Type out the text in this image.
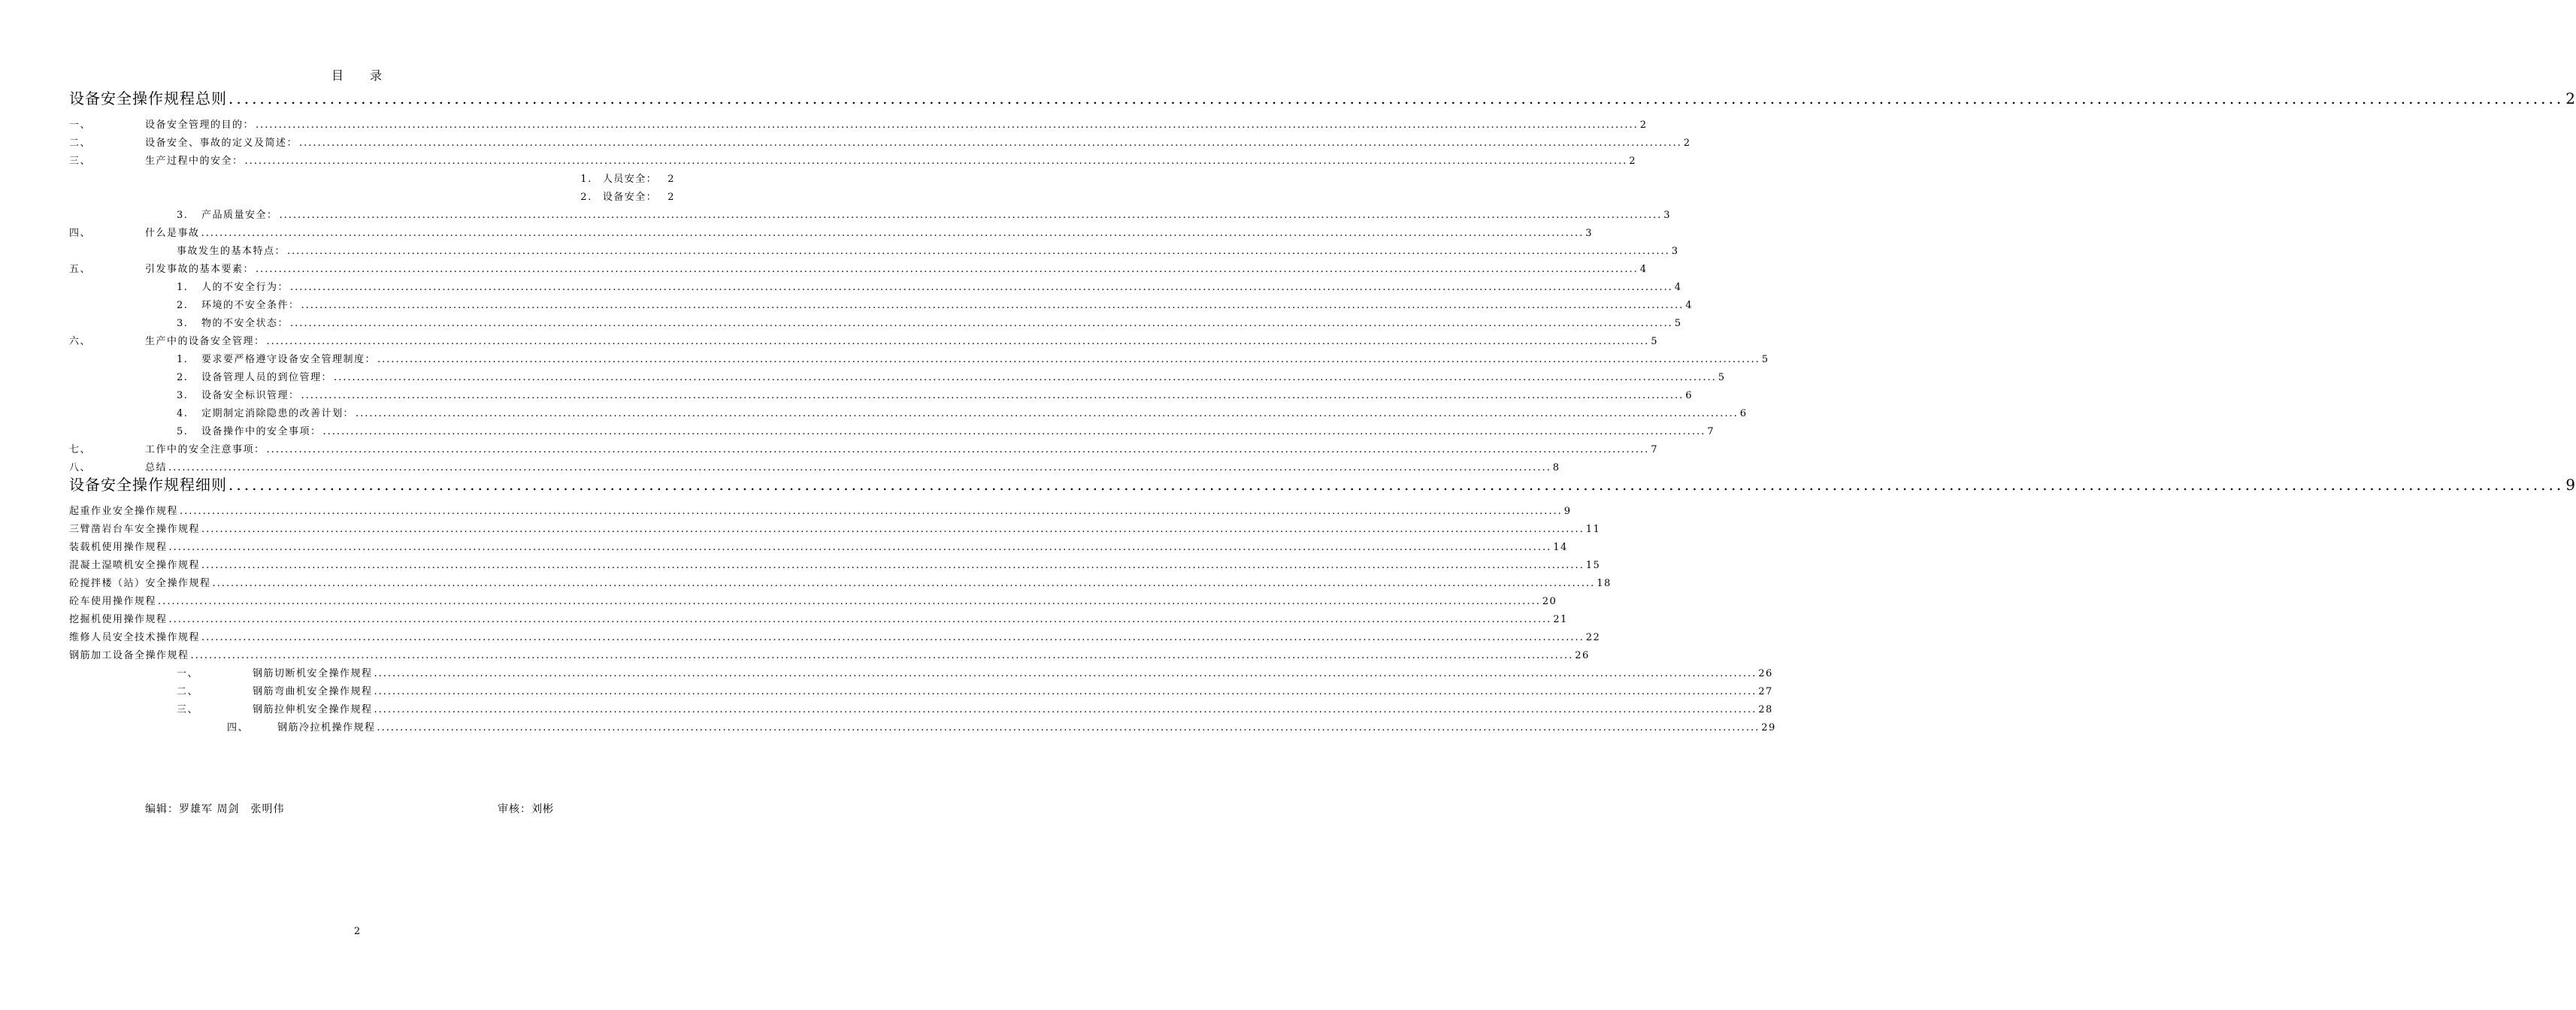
目　　录
设备安全操作规程总则 ............................................................................................................................................................................................................................................................................................................ 2
一、	设备安全管理的目的： ............................................................................................................................................................................................................................................................................................................ 2
二、	设备安全、事故的定义及简述： ............................................................................................................................................................................................................................................................................................................ 2
三、	生产过程中的安全： ............................................................................................................................................................................................................................................................................................................ 2
1. 人员安全： 2
2. 设备安全： 2
3. 产品质量安全： ............................................................................................................................................................................................................................................................................................................ 3
四、	什么是事故 ............................................................................................................................................................................................................................................................................................................ 3
事故发生的基本特点： ............................................................................................................................................................................................................................................................................................................ 3
五、	引发事故的基本要素： ............................................................................................................................................................................................................................................................................................................ 4
1. 人的不安全行为： ............................................................................................................................................................................................................................................................................................................ 4
2. 环境的不安全条件： ............................................................................................................................................................................................................................................................................................................ 4
3. 物的不安全状态： ............................................................................................................................................................................................................................................................................................................ 5
六、	生产中的设备安全管理： ............................................................................................................................................................................................................................................................................................................ 5
1. 要求要严格遵守设备安全管理制度： ............................................................................................................................................................................................................................................................................................................ 5
2. 设备管理人员的到位管理： ............................................................................................................................................................................................................................................................................................................ 5
3. 设备安全标识管理： ............................................................................................................................................................................................................................................................................................................ 6
4. 定期制定消除隐患的改善计划： ............................................................................................................................................................................................................................................................................................................ 6
5. 设备操作中的安全事项： ............................................................................................................................................................................................................................................................................................................ 7
七、	工作中的安全注意事项： ............................................................................................................................................................................................................................................................................................................ 7
八、	总结 ............................................................................................................................................................................................................................................................................................................ 8
设备安全操作规程细则 ............................................................................................................................................................................................................................................................................................................ 9
起重作业安全操作规程 ............................................................................................................................................................................................................................................................................................................ 9
三臂凿岩台车安全操作规程 ............................................................................................................................................................................................................................................................................................................ 11
装载机使用操作规程 ............................................................................................................................................................................................................................................................................................................ 14
混凝土湿喷机安全操作规程 ............................................................................................................................................................................................................................................................................................................ 15
砼搅拌楼（站）安全操作规程 ............................................................................................................................................................................................................................................................................................................ 18
砼车使用操作规程 ............................................................................................................................................................................................................................................................................................................ 20
挖掘机使用操作规程 ............................................................................................................................................................................................................................................................................................................ 21
维修人员安全技术操作规程 ............................................................................................................................................................................................................................................................................................................ 22
钢筋加工设备全操作规程 ............................................................................................................................................................................................................................................................................................................ 26
一、	钢筋切断机安全操作规程 ............................................................................................................................................................................................................................................................................................................ 26
二、	钢筋弯曲机安全操作规程 ............................................................................................................................................................................................................................................................................................................ 27
三、	钢筋拉伸机安全操作规程 ............................................................................................................................................................................................................................................................................................................ 28
四、	钢筋冷拉机操作规程 ............................................................................................................................................................................................................................................................................................................ 29
编辑：罗雄军 周剑　张明伟	审核：刘彬
2
